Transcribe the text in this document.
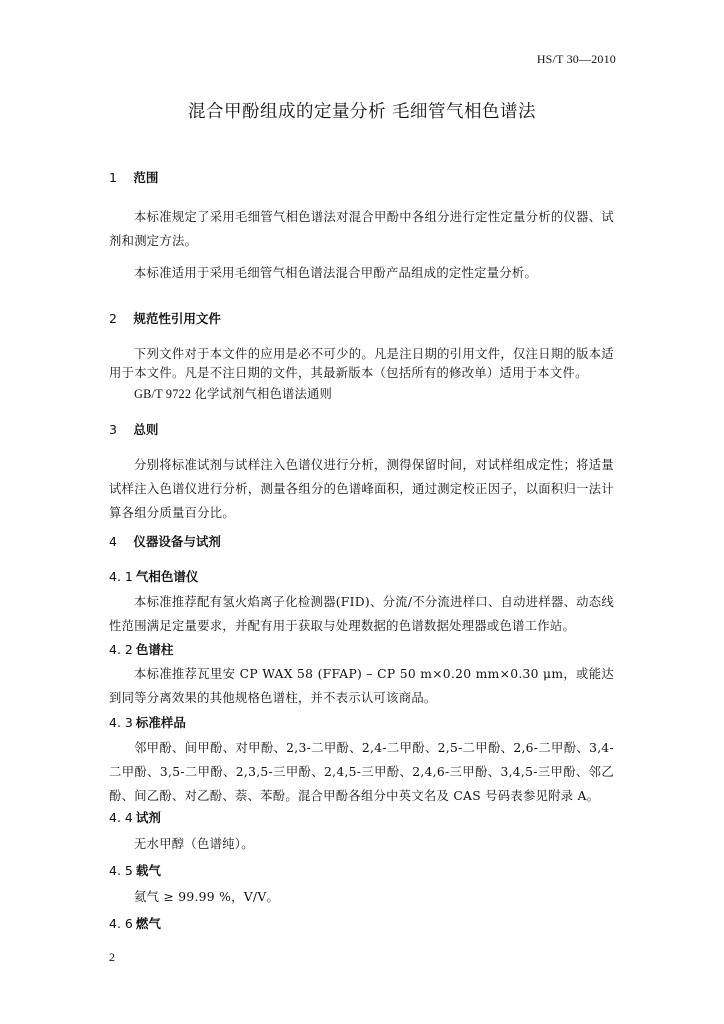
HS/T 30—2010
混合甲酚组成的定量分析 毛细管气相色谱法
1 范围
本标准规定了采用毛细管气相色谱法对混合甲酚中各组分进行定性定量分析的仪器、试剂和测定方法。
本标准适用于采用毛细管气相色谱法混合甲酚产品组成的定性定量分析。
2 规范性引用文件
下列文件对于本文件的应用是必不可少的。凡是注日期的引用文件，仅注日期的版本适用于本文件。凡是不注日期的文件，其最新版本（包括所有的修改单）适用于本文件。
GB/T 9722 化学试剂气相色谱法通则
3 总则
分别将标准试剂与试样注入色谱仪进行分析，测得保留时间，对试样组成定性；将适量试样注入色谱仪进行分析，测量各组分的色谱峰面积，通过测定校正因子，以面积归一法计算各组分质量百分比。
4 仪器设备与试剂
4. 1 气相色谱仪
本标准推荐配有氢火焰离子化检测器(FID)、分流/不分流进样口、自动进样器、动态线性范围满足定量要求，并配有用于获取与处理数据的色谱数据处理器或色谱工作站。
4. 2 色谱柱
本标准推荐瓦里安 CP WAX 58 (FFAP) – CP 50 m×0.20 mm×0.30 μm，或能达到同等分离效果的其他规格色谱柱，并不表示认可该商品。
4. 3 标准样品
邻甲酚、间甲酚、对甲酚、2,3-二甲酚、2,4-二甲酚、2,5-二甲酚、2,6-二甲酚、3,4-二甲酚、3,5-二甲酚、2,3,5-三甲酚、2,4,5-三甲酚、2,4,6-三甲酚、3,4,5-三甲酚、邻乙酚、间乙酚、对乙酚、萘、苯酚。混合甲酚各组分中英文名及 CAS 号码表参见附录 A。
4. 4 试剂
无水甲醇（色谱纯）。
4. 5 载气
氦气 ≥ 99.99 %，V/V。
4. 6 燃气
2
